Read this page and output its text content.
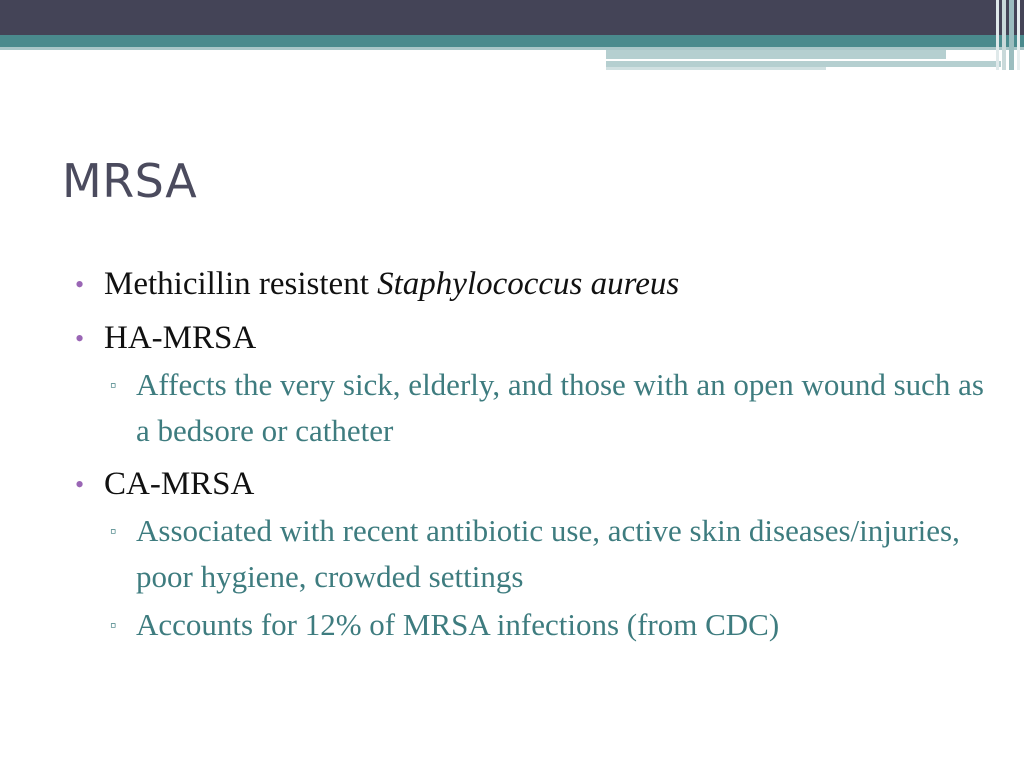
MRSA
• Methicillin resistent Staphylococcus aureus
• HA-MRSA
▫ Affects the very sick, elderly, and those with an open wound such as a bedsore or catheter
• CA-MRSA
▫ Associated with recent antibiotic use, active skin diseases/injuries, poor hygiene, crowded settings
▫ Accounts for 12% of MRSA infections (from CDC)
